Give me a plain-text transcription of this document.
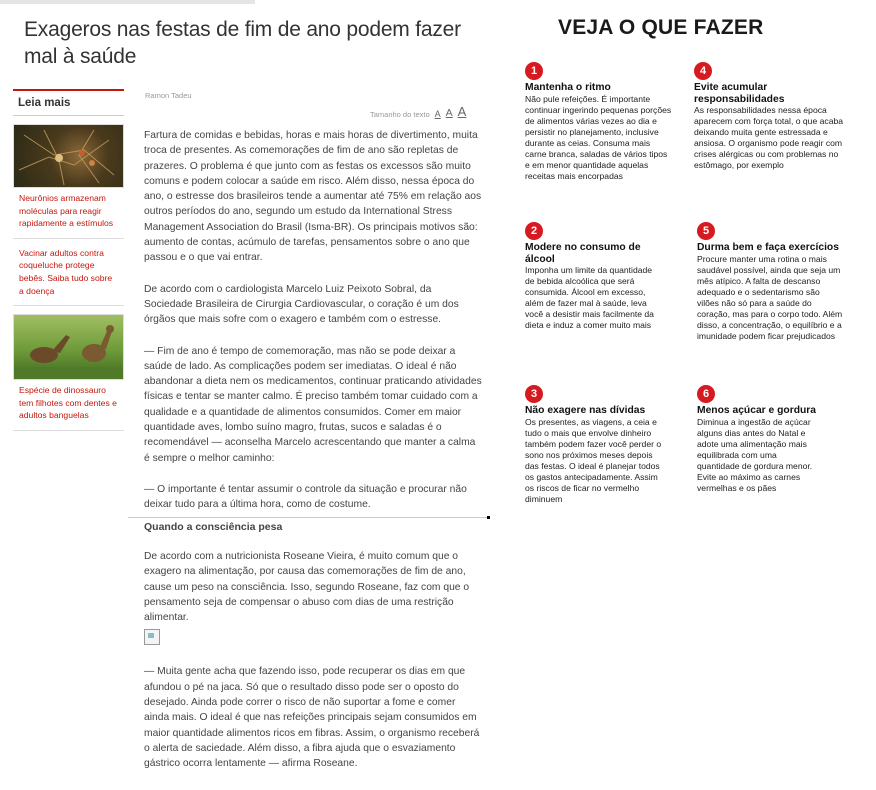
Exageros nas festas de fim de ano podem fazer mal à saúde
Leia mais
Neurônios armazenam moléculas para reagir rapidamente a estímulos
Vacinar adultos contra coqueluche protege bebês. Saiba tudo sobre a doença
Espécie de dinossauro tem filhotes com dentes e adultos banguelas
Ramon Tadeu
Tamanho do texto A A A

Fartura de comidas e bebidas, horas e mais horas de divertimento, muita troca de presentes. As comemorações de fim de ano são repletas de prazeres. O problema é que junto com as festas os excessos são muito comuns e podem colocar a saúde em risco. Além disso, nessa época do ano, o estresse dos brasileiros tende a aumentar até 75% em relação aos outros períodos do ano, segundo um estudo da International Stress Management Association do Brasil (Isma-BR). Os principais motivos são: aumento de contas, acúmulo de tarefas, pensamentos sobre o ano que passou e o que vai entrar.

De acordo com o cardiologista Marcelo Luiz Peixoto Sobral, da Sociedade Brasileira de Cirurgia Cardiovascular, o coração é um dos órgãos que mais sofre com o exagero e também com o estresse.

— Fim de ano é tempo de comemoração, mas não se pode deixar a saúde de lado. As complicações podem ser imediatas. O ideal é não abandonar a dieta nem os medicamentos, continuar praticando atividades físicas e tentar se manter calmo. É preciso também tomar cuidado com a qualidade e a quantidade de alimentos consumidos. Comer em maior quantidade aves, lombo suíno magro, frutas, sucos e saladas é o recomendável — aconselha Marcelo acrescentando que manter a calma é sempre o melhor caminho:

— O importante é tentar assumir o controle da situação e procurar não deixar tudo para a última hora, como de costume.

Quando a consciência pesa

De acordo com a nutricionista Roseane Vieira, é muito comum que o exagero na alimentação, por causa das comemorações de fim de ano, cause um peso na consciência. Isso, segundo Roseane, faz com que o pensamento seja de compensar o abuso com dias de uma restrição alimentar.

— Muita gente acha que fazendo isso, pode recuperar os dias em que afundou o pé na jaca. Só que o resultado disso pode ser o oposto do desejado. Ainda pode correr o risco de não suportar a fome e comer ainda mais. O ideal é que nas refeições principais sejam consumidos em maior quantidade alimentos ricos em fibras. Assim, o organismo receberá o alerta de saciedade. Além disso, a fibra ajuda que o esvaziamento gástrico ocorra lentamente — afirma Roseane.

VEJA O QUE FAZER
1
Mantenha o ritmo
Não pule refeições. É importante continuar ingerindo pequenas porções de alimentos várias vezes ao dia e persistir no planejamento, inclusive durante as ceias. Consuma mais carne branca, saladas de vários tipos e em menor quantidade aquelas receitas mais encorpadas
2
Modere no consumo de álcool
Imponha um limite da quantidade de bebida alcoólica que será consumida. Álcool em excesso, além de fazer mal à saúde, leva você a desistir mais facilmente da dieta e induz a comer muito mais
3
Não exagere nas dívidas
Os presentes, as viagens, a ceia e tudo o mais que envolve dinheiro também podem fazer você perder o sono nos próximos meses depois das festas. O ideal é planejar todos os gastos antecipadamente. Assim os riscos de ficar no vermelho diminuem
4
Evite acumular responsabilidades
As responsabilidades nessa época aparecem com força total, o que acaba deixando muita gente estressada e ansiosa. O organismo pode reagir com crises alérgicas ou com problemas no estômago, por exemplo
5
Durma bem e faça exercícios
Procure manter uma rotina o mais saudável possível, ainda que seja um mês atípico. A falta de descanso adequado e o sedentarismo são vilões não só para a saúde do coração, mas para o corpo todo. Além disso, a concentração, o equilíbrio e a imunidade podem ficar prejudicados
6
Menos açúcar e gordura
Diminua a ingestão de açúcar alguns dias antes do Natal e adote uma alimentação mais equilibrada com uma quantidade de gordura menor. Evite ao máximo as carnes vermelhas e os pães
